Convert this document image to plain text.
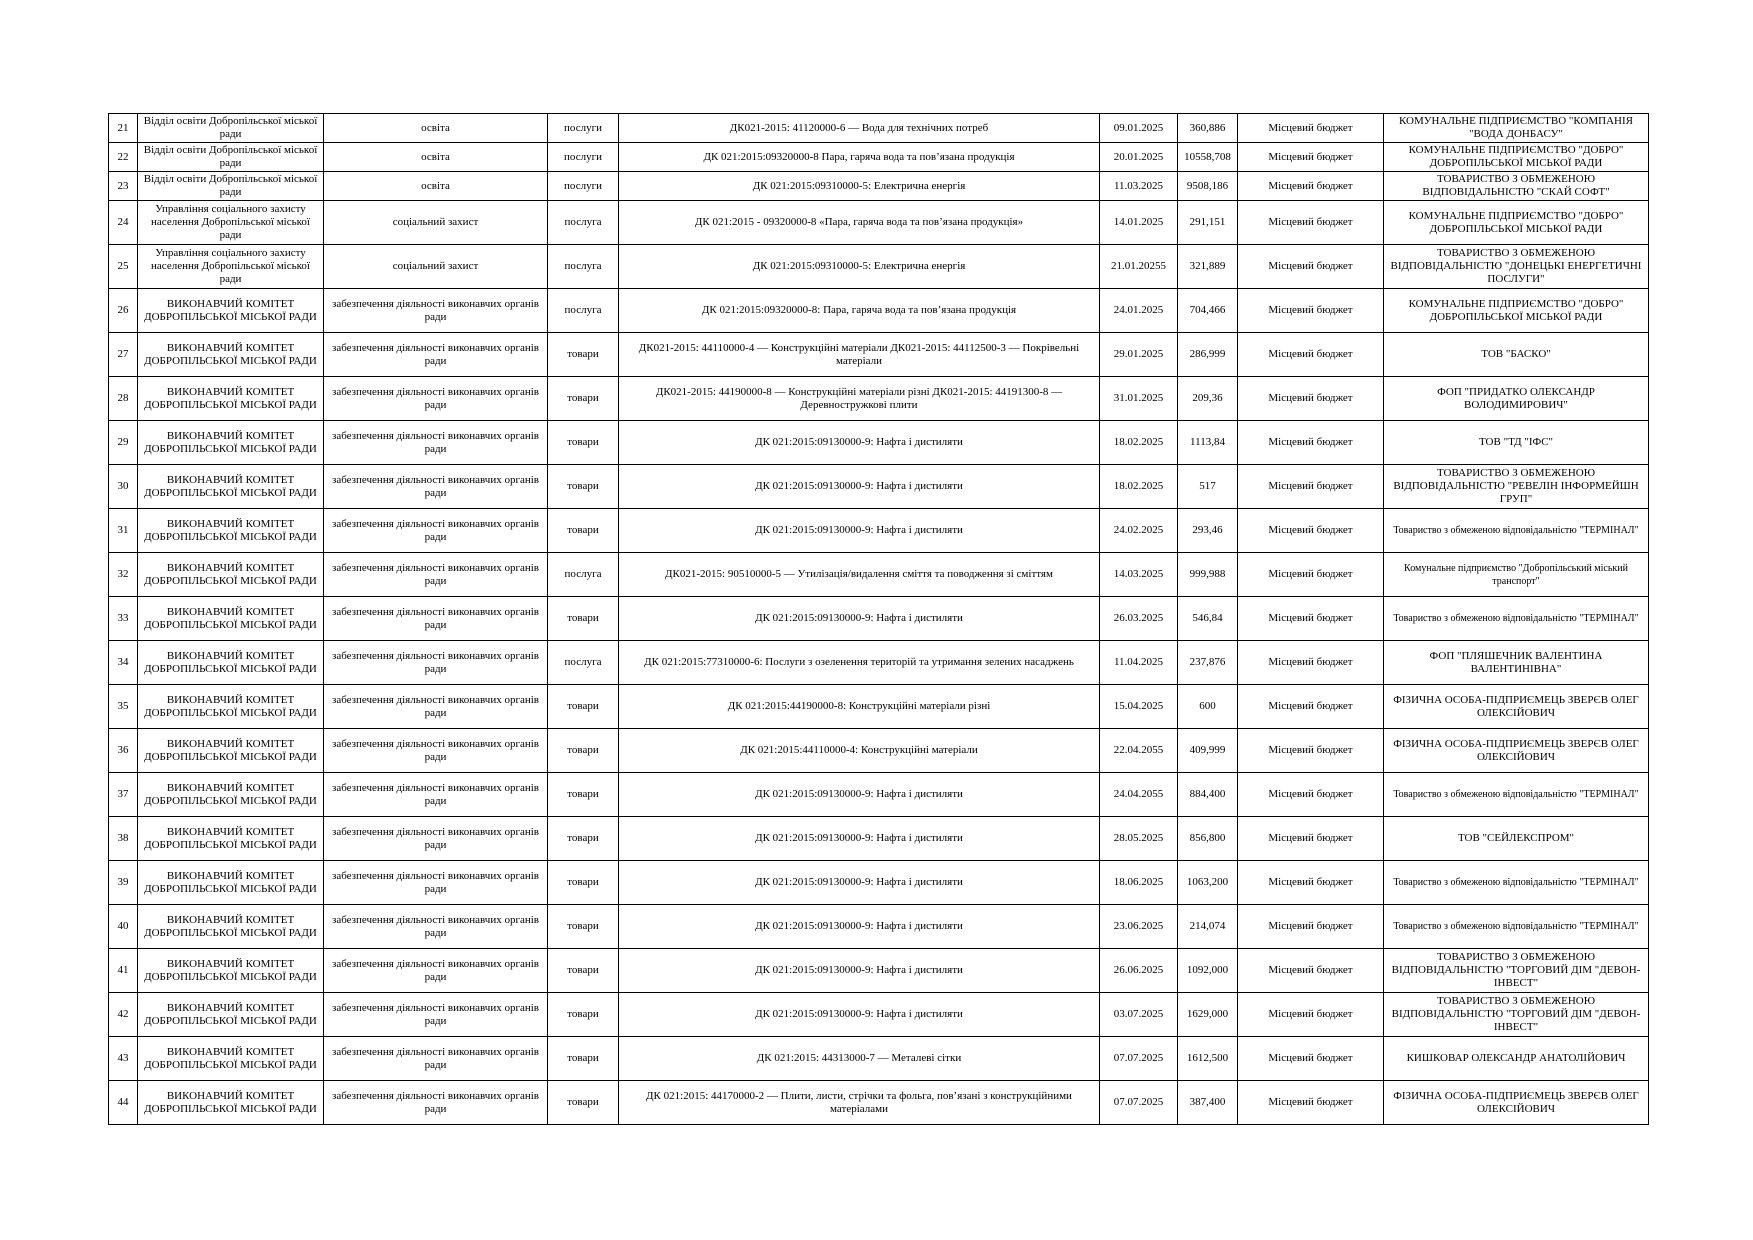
21	Відділ освіти Добропільської міської ради	освіта	послуги	ДК021-2015: 41120000-6 — Вода для технічних потреб	09.01.2025	360,886	Місцевий бюджет	КОМУНАЛЬНЕ ПІДПРИЄМСТВО "КОМПАНІЯ "ВОДА ДОНБАСУ"
22	Відділ освіти Добропільської міської ради	освіта	послуги	ДК 021:2015:09320000-8 Пара, гаряча вода та пов’язана продукція	20.01.2025	10558,708	Місцевий бюджет	КОМУНАЛЬНЕ ПІДПРИЄМСТВО "ДОБРО" ДОБРОПІЛЬСЬКОЇ МІСЬКОЇ РАДИ
23	Відділ освіти Добропільської міської ради	освіта	послуги	ДК 021:2015:09310000-5: Електрична енергія	11.03.2025	9508,186	Місцевий бюджет	ТОВАРИСТВО З ОБМЕЖЕНОЮ ВІДПОВІДАЛЬНІСТЮ "СКАЙ СОФТ"
24	Управління соціального захисту населення Добропільської міської ради	соціальний захист	послуга	ДК 021:2015 - 09320000-8 «Пара, гаряча вода та пов’язана продукція»	14.01.2025	291,151	Місцевий бюджет	КОМУНАЛЬНЕ ПІДПРИЄМСТВО "ДОБРО" ДОБРОПІЛЬСЬКОЇ МІСЬКОЇ РАДИ
25	Управління соціального захисту населення Добропільської міської ради	соціальний захист	послуга	ДК 021:2015:09310000-5: Електрична енергія	21.01.20255	321,889	Місцевий бюджет	ТОВАРИСТВО З ОБМЕЖЕНОЮ ВІДПОВІДАЛЬНІСТЮ "ДОНЕЦЬКІ ЕНЕРГЕТИЧНІ ПОСЛУГИ"
26	ВИКОНАВЧИЙ КОМІТЕТ ДОБРОПІЛЬСЬКОЇ МІСЬКОЇ РАДИ	забезпечення діяльності виконавчих органів ради	послуга	ДК 021:2015:09320000-8: Пара, гаряча вода та пов’язана продукція	24.01.2025	704,466	Місцевий бюджет	КОМУНАЛЬНЕ ПІДПРИЄМСТВО "ДОБРО" ДОБРОПІЛЬСЬКОЇ МІСЬКОЇ РАДИ
27	ВИКОНАВЧИЙ КОМІТЕТ ДОБРОПІЛЬСЬКОЇ МІСЬКОЇ РАДИ	забезпечення діяльності виконавчих органів ради	товари	ДК021-2015: 44110000-4 — Конструкційні матеріали ДК021-2015: 44112500-3 — Покрівельні матеріали	29.01.2025	286,999	Місцевий бюджет	ТОВ "БАСКО"
28	ВИКОНАВЧИЙ КОМІТЕТ ДОБРОПІЛЬСЬКОЇ МІСЬКОЇ РАДИ	забезпечення діяльності виконавчих органів ради	товари	ДК021-2015: 44190000-8 — Конструкційні матеріали різні ДК021-2015: 44191300-8 — Деревностружкові плити	31.01.2025	209,36	Місцевий бюджет	ФОП "ПРИДАТКО ОЛЕКСАНДР ВОЛОДИМИРОВИЧ"
29	ВИКОНАВЧИЙ КОМІТЕТ ДОБРОПІЛЬСЬКОЇ МІСЬКОЇ РАДИ	забезпечення діяльності виконавчих органів ради	товари	ДК 021:2015:09130000-9: Нафта і дистиляти	18.02.2025	1113,84	Місцевий бюджет	ТОВ "ТД "ІФС"
30	ВИКОНАВЧИЙ КОМІТЕТ ДОБРОПІЛЬСЬКОЇ МІСЬКОЇ РАДИ	забезпечення діяльності виконавчих органів ради	товари	ДК 021:2015:09130000-9: Нафта і дистиляти	18.02.2025	517	Місцевий бюджет	ТОВАРИСТВО З ОБМЕЖЕНОЮ ВІДПОВІДАЛЬНІСТЮ "РЕВЕЛІН ІНФОРМЕЙШН ГРУП"
31	ВИКОНАВЧИЙ КОМІТЕТ ДОБРОПІЛЬСЬКОЇ МІСЬКОЇ РАДИ	забезпечення діяльності виконавчих органів ради	товари	ДК 021:2015:09130000-9: Нафта і дистиляти	24.02.2025	293,46	Місцевий бюджет	Товариство з обмеженою відповідальністю "ТЕРМІНАЛ"
32	ВИКОНАВЧИЙ КОМІТЕТ ДОБРОПІЛЬСЬКОЇ МІСЬКОЇ РАДИ	забезпечення діяльності виконавчих органів ради	послуга	ДК021-2015: 90510000-5 — Утилізація/видалення сміття та поводження зі сміттям	14.03.2025	999,988	Місцевий бюджет	Комунальне підприємство "Добропільський міський транспорт"
33	ВИКОНАВЧИЙ КОМІТЕТ ДОБРОПІЛЬСЬКОЇ МІСЬКОЇ РАДИ	забезпечення діяльності виконавчих органів ради	товари	ДК 021:2015:09130000-9: Нафта і дистиляти	26.03.2025	546,84	Місцевий бюджет	Товариство з обмеженою відповідальністю "ТЕРМІНАЛ"
34	ВИКОНАВЧИЙ КОМІТЕТ ДОБРОПІЛЬСЬКОЇ МІСЬКОЇ РАДИ	забезпечення діяльності виконавчих органів ради	послуга	ДК 021:2015:77310000-6: Послуги з озеленення територій та утримання зелених насаджень	11.04.2025	237,876	Місцевий бюджет	ФОП "ПЛЯШЕЧНИК ВАЛЕНТИНА ВАЛЕНТИНІВНА"
35	ВИКОНАВЧИЙ КОМІТЕТ ДОБРОПІЛЬСЬКОЇ МІСЬКОЇ РАДИ	забезпечення діяльності виконавчих органів ради	товари	ДК 021:2015:44190000-8: Конструкційні матеріали різні	15.04.2025	600	Місцевий бюджет	ФІЗИЧНА ОСОБА-ПІДПРИЄМЕЦЬ ЗВЕРЄВ ОЛЕГ ОЛЕКСІЙОВИЧ
36	ВИКОНАВЧИЙ КОМІТЕТ ДОБРОПІЛЬСЬКОЇ МІСЬКОЇ РАДИ	забезпечення діяльності виконавчих органів ради	товари	ДК 021:2015:44110000-4: Конструкційні матеріали	22.04.2055	409,999	Місцевий бюджет	ФІЗИЧНА ОСОБА-ПІДПРИЄМЕЦЬ ЗВЕРЄВ ОЛЕГ ОЛЕКСІЙОВИЧ
37	ВИКОНАВЧИЙ КОМІТЕТ ДОБРОПІЛЬСЬКОЇ МІСЬКОЇ РАДИ	забезпечення діяльності виконавчих органів ради	товари	ДК 021:2015:09130000-9: Нафта і дистиляти	24.04.2055	884,400	Місцевий бюджет	Товариство з обмеженою відповідальністю "ТЕРМІНАЛ"
38	ВИКОНАВЧИЙ КОМІТЕТ ДОБРОПІЛЬСЬКОЇ МІСЬКОЇ РАДИ	забезпечення діяльності виконавчих органів ради	товари	ДК 021:2015:09130000-9: Нафта і дистиляти	28.05.2025	856,800	Місцевий бюджет	ТОВ "СЕЙЛЕКСПРОМ"
39	ВИКОНАВЧИЙ КОМІТЕТ ДОБРОПІЛЬСЬКОЇ МІСЬКОЇ РАДИ	забезпечення діяльності виконавчих органів ради	товари	ДК 021:2015:09130000-9: Нафта і дистиляти	18.06.2025	1063,200	Місцевий бюджет	Товариство з обмеженою відповідальністю "ТЕРМІНАЛ"
40	ВИКОНАВЧИЙ КОМІТЕТ ДОБРОПІЛЬСЬКОЇ МІСЬКОЇ РАДИ	забезпечення діяльності виконавчих органів ради	товари	ДК 021:2015:09130000-9: Нафта і дистиляти	23.06.2025	214,074	Місцевий бюджет	Товариство з обмеженою відповідальністю "ТЕРМІНАЛ"
41	ВИКОНАВЧИЙ КОМІТЕТ ДОБРОПІЛЬСЬКОЇ МІСЬКОЇ РАДИ	забезпечення діяльності виконавчих органів ради	товари	ДК 021:2015:09130000-9: Нафта і дистиляти	26.06.2025	1092,000	Місцевий бюджет	ТОВАРИСТВО З ОБМЕЖЕНОЮ ВІДПОВІДАЛЬНІСТЮ "ТОРГОВИЙ ДІМ "ДЕВОН-ІНВЕСТ"
42	ВИКОНАВЧИЙ КОМІТЕТ ДОБРОПІЛЬСЬКОЇ МІСЬКОЇ РАДИ	забезпечення діяльності виконавчих органів ради	товари	ДК 021:2015:09130000-9: Нафта і дистиляти	03.07.2025	1629,000	Місцевий бюджет	ТОВАРИСТВО З ОБМЕЖЕНОЮ ВІДПОВІДАЛЬНІСТЮ "ТОРГОВИЙ ДІМ "ДЕВОН-ІНВЕСТ"
43	ВИКОНАВЧИЙ КОМІТЕТ ДОБРОПІЛЬСЬКОЇ МІСЬКОЇ РАДИ	забезпечення діяльності виконавчих органів ради	товари	ДК 021:2015: 44313000-7 — Металеві сітки	07.07.2025	1612,500	Місцевий бюджет	КИШКОВАР ОЛЕКСАНДР АНАТОЛІЙОВИЧ
44	ВИКОНАВЧИЙ КОМІТЕТ ДОБРОПІЛЬСЬКОЇ МІСЬКОЇ РАДИ	забезпечення діяльності виконавчих органів ради	товари	ДК 021:2015: 44170000-2 — Плити, листи, стрічки та фольга, пов’язані з конструкційними матеріалами	07.07.2025	387,400	Місцевий бюджет	ФІЗИЧНА ОСОБА-ПІДПРИЄМЕЦЬ ЗВЕРЄВ ОЛЕГ ОЛЕКСІЙОВИЧ
